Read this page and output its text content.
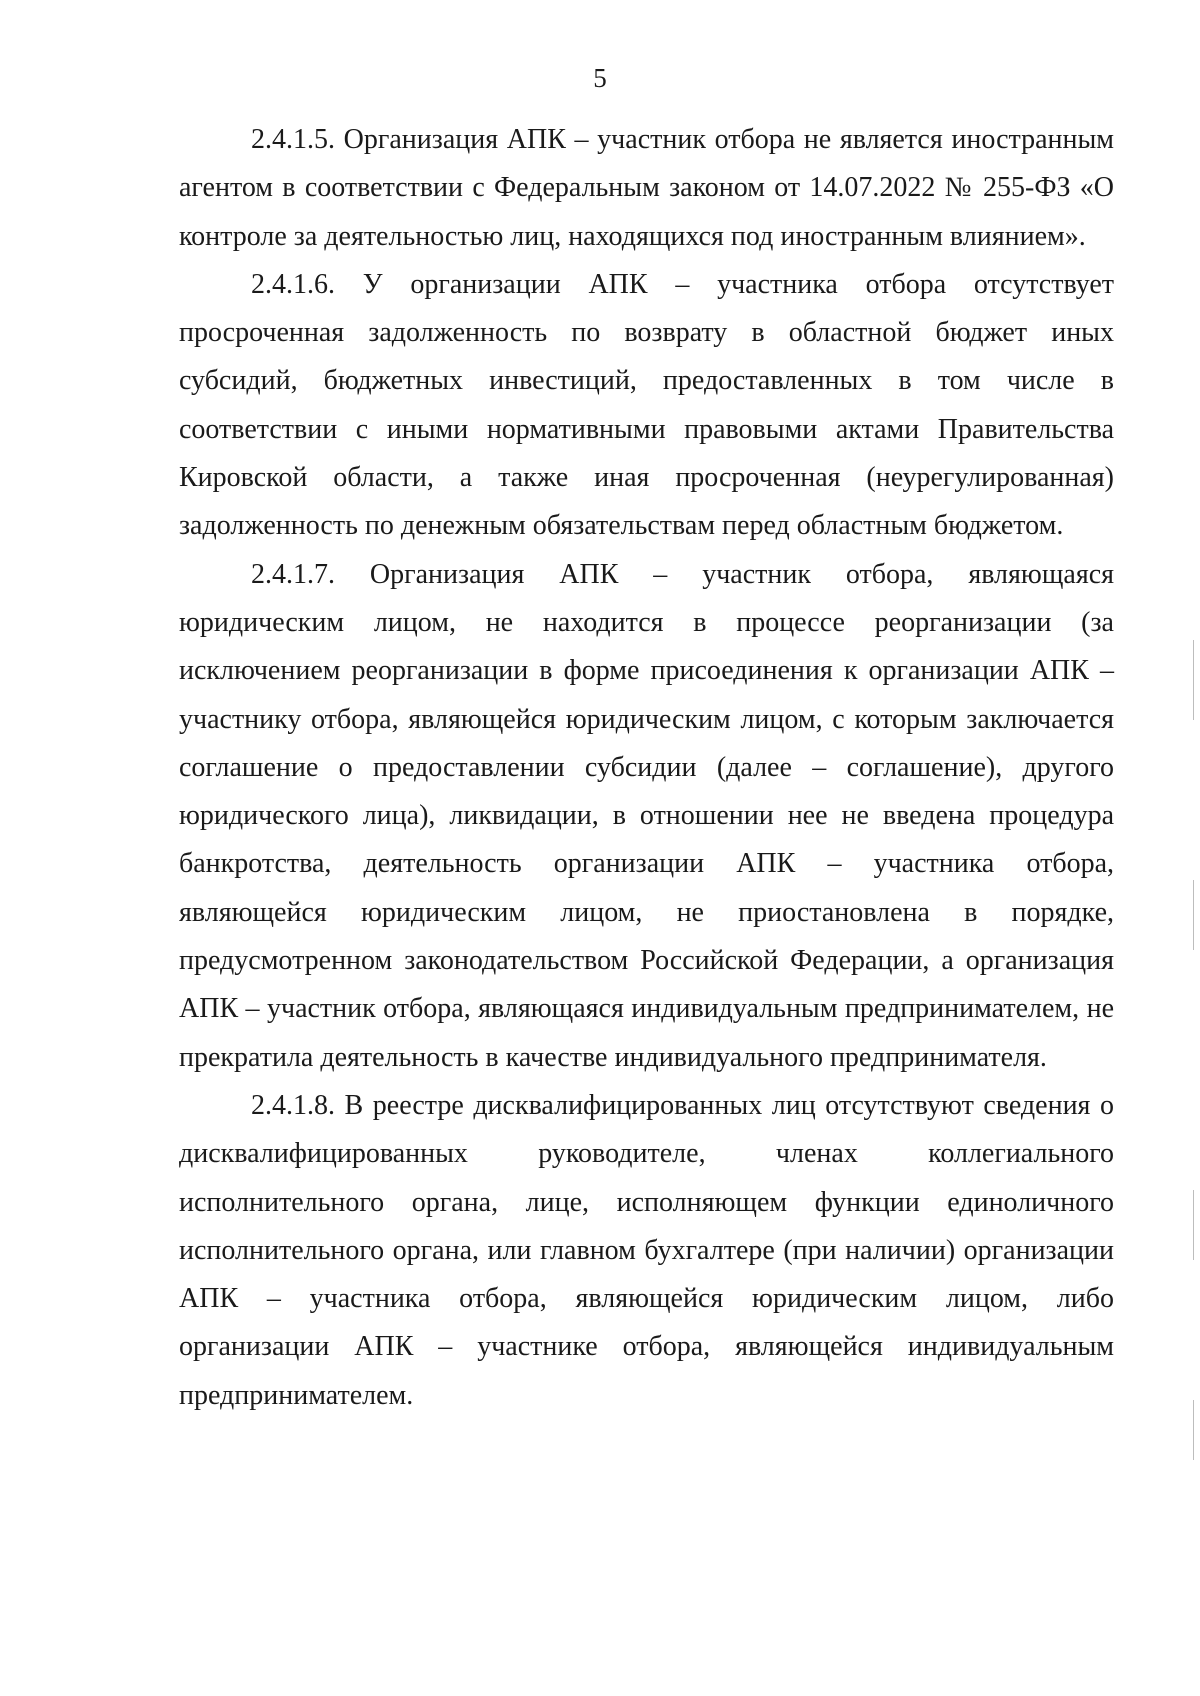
5

2.4.1.5. Организация АПК – участник отбора не является иностранным агентом в соответствии с Федеральным законом от 14.07.2022 № 255-ФЗ «О контроле за деятельностью лиц, находящихся под иностранным влиянием».

2.4.1.6. У организации АПК – участника отбора отсутствует просроченная задолженность по возврату в областной бюджет иных субсидий, бюджетных инвестиций, предоставленных в том числе в соответствии с иными нормативными правовыми актами Правительства Кировской области, а также иная просроченная (неурегулированная) задолженность по денежным обязательствам перед областным бюджетом.

2.4.1.7. Организация АПК – участник отбора, являющаяся юридическим лицом, не находится в процессе реорганизации (за исключением реорганизации в форме присоединения к организации АПК – участнику отбора, являющейся юридическим лицом, с которым заключается соглашение о предоставлении субсидии (далее – соглашение), другого юридического лица), ликвидации, в отношении нее не введена процедура банкротства, деятельность организации АПК – участника отбора, являющейся юридическим лицом, не приостановлена в порядке, предусмотренном законодательством Российской Федерации, а организация АПК – участник отбора, являющаяся индивидуальным предпринимателем, не прекратила деятельность в качестве индивидуального предпринимателя.

2.4.1.8. В реестре дисквалифицированных лиц отсутствуют сведения о дисквалифицированных руководителе, членах коллегиального исполнительного органа, лице, исполняющем функции единоличного исполнительного органа, или главном бухгалтере (при наличии) организации АПК – участника отбора, являющейся юридическим лицом, либо организации АПК – участнике отбора, являющейся индивидуальным предпринимателем.
